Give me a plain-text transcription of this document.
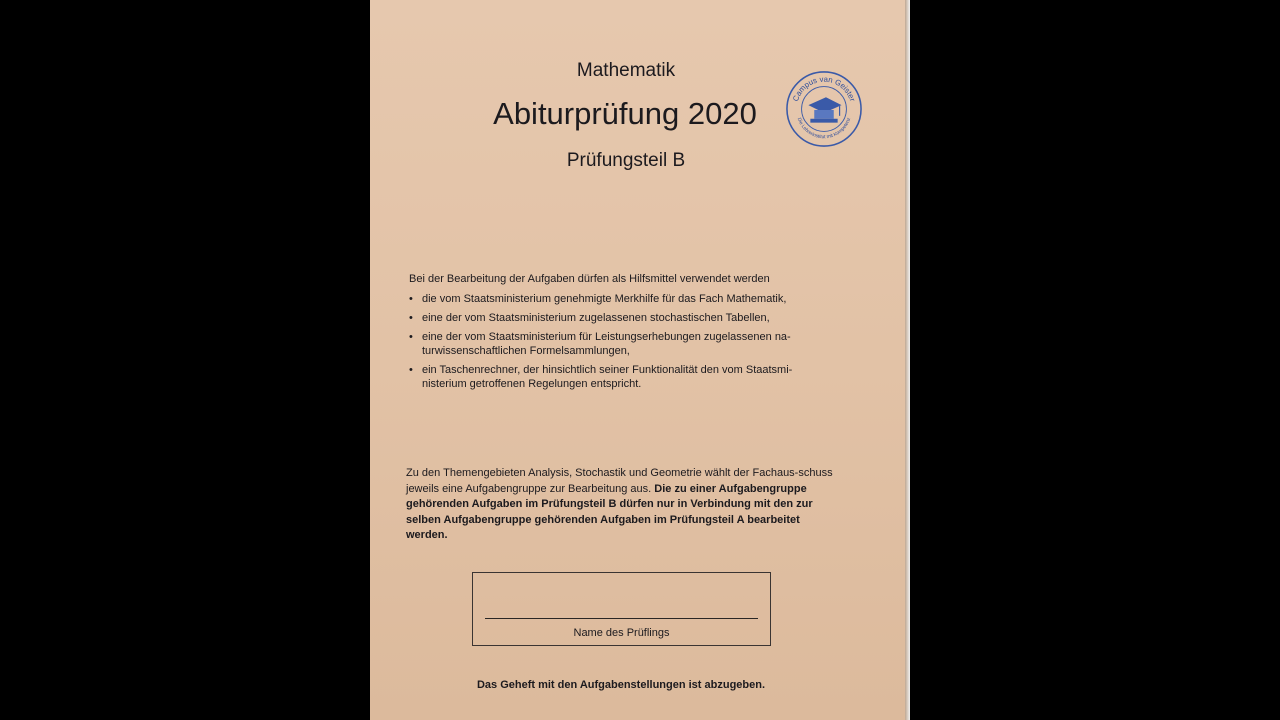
Mathematik
Abiturprüfung 2020
Prüfungsteil B
Campus van Geister
Die Lehrerinstitut mit Kompetenz

Bei der Bearbeitung der Aufgaben dürfen als Hilfsmittel verwendet werden

• die vom Staatsministerium genehmigte Merkhilfe für das Fach Mathematik,
• eine der vom Staatsministerium zugelassenen stochastischen Tabellen,
• eine der vom Staatsministerium für Leistungserhebungen zugelassenen na-turwissenschaftlichen Formelsammlungen,
• ein Taschenrechner, der hinsichtlich seiner Funktionalität den vom Staatsmi-nisterium getroffenen Regelungen entspricht.
Zu den Themengebieten Analysis, Stochastik und Geometrie wählt der Fachaus-schuss jeweils eine Aufgabengruppe zur Bearbeitung aus. Die zu einer Aufgabengruppe gehörenden Aufgaben im Prüfungsteil B dürfen nur in Verbindung mit den zur selben Aufgabengruppe gehörenden Aufgaben im Prüfungsteil A bearbeitet werden.
Name des Prüflings
Das Geheft mit den Aufgabenstellungen ist abzugeben.
